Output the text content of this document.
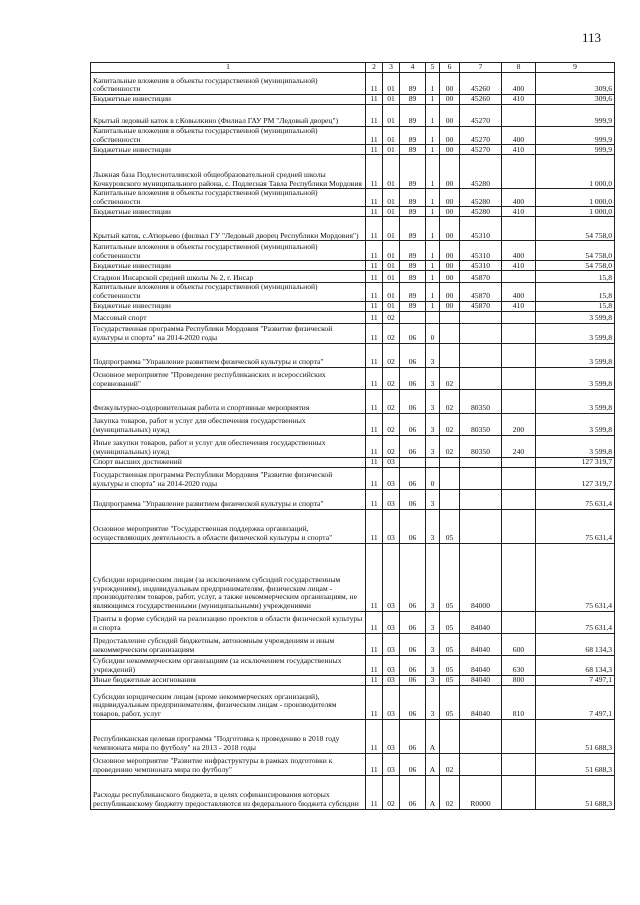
113
1	2	3	4	5	6	7	8	9
Капитальные вложения в объекты государственной (муниципальной) собственности	11	01	89	1	00	45260	400	309,6
Бюджетные инвестиции	11	01	89	1	00	45260	410	309,6
Крытый ледовый каток в г.Ковылкино (Филиал ГАУ РМ "Ледовый дворец")	11	01	89	1	00	45270		999,9
Капитальные вложения в объекты государственной (муниципальной) собственности	11	01	89	1	00	45270	400	999,9
Бюджетные инвестиции	11	01	89	1	00	45270	410	999,9
Лыжная база Подлесноталинской общеобразовательной средней школы Кочкуровского муниципального района, с. Подлесная Тавла Республики Мордовия	11	01	89	1	00	45280		1 000,0
Капитальные вложения в объекты государственной (муниципальной) собственности	11	01	89	1	00	45280	400	1 000,0
Бюджетные инвестиции	11	01	89	1	00	45280	410	1 000,0
Крытый каток, с.Атюрьево (филиал ГУ "Ледовый дворец Республики Мордовия")	11	01	89	1	00	45310		54 758,0
Капитальные вложения в объекты государственной (муниципальной) собственности	11	01	89	1	00	45310	400	54 758,0
Бюджетные инвестиции	11	01	89	1	00	45310	410	54 758,0
Стадион Инсарской средней школы № 2, г. Инсар	11	01	89	1	00	45870		15,8
Капитальные вложения в объекты государственной (муниципальной) собственности	11	01	89	1	00	45870	400	15,8
Бюджетные инвестиции	11	01	89	1	00	45870	410	15,8
Массовый спорт	11	02						3 599,8
Государственная программа Республики Мордовия "Развитие физической культуры и спорта" на 2014-2020 годы	11	02	06	0				3 599,8
Подпрограмма "Управление развитием физической культуры и спорта"	11	02	06	3				3 599,8
Основное мероприятие "Проведение республиканских и всероссийских соревнований"	11	02	06	3	02			3 599,8
Физкультурно-оздоровительная работа и спортивные мероприятия	11	02	06	3	02	80350		3 599,8
Закупка товаров, работ и услуг для обеспечения государственных (муниципальных) нужд	11	02	06	3	02	80350	200	3 599,8
Иные закупки товаров, работ и услуг для обеспечения государственных (муниципальных) нужд	11	02	06	3	02	80350	240	3 599,8
Спорт высших достижений	11	03						127 319,7
Государственная программа Республики Мордовия "Развитие физической культуры и спорта" на 2014-2020 годы	11	03	06	0				127 319,7
Подпрограмма "Управление развитием физической культуры и спорта"	11	03	06	3				75 631,4
Основное мероприятие "Государственная поддержка организаций, осуществляющих деятельность в области физической культуры и спорта"	11	03	06	3	05			75 631,4
Субсидии юридическим лицам (за исключением субсидий государственным учреждениям), индивидуальным предпринимателям, физическим лицам - производителям товаров, работ, услуг, а также некоммерческим организациям, не являющимся государственными (муниципальными) учреждениями	11	03	06	3	05	84000		75 631,4
Гранты в форме субсидий на реализацию проектов в области физической культуры и спорта	11	03	06	3	05	84040		75 631,4
Предоставление субсидий бюджетным, автономным учреждениям и иным некоммерческим организациям	11	03	06	3	05	84040	600	68 134,3
Субсидии некоммерческим организациям (за исключением государственных учреждений)	11	03	06	3	05	84040	630	68 134,3
Иные бюджетные ассигнования	11	03	06	3	05	84040	800	7 497,1
Субсидии юридическим лицам (кроме некоммерческих организаций), индивидуальным предпринимателям, физическим лицам - производителям товаров, работ, услуг	11	03	06	3	05	84040	810	7 497,1
Республиканская целевая программа "Подготовка к проведению в 2018 году чемпионата мира по футболу" на 2013 - 2018 годы	11	03	06	А				51 688,3
Основное мероприятие "Развитие инфраструктуры в рамках подготовки к проведению чемпионата мира по футболу"	11	03	06	А	02			51 688,3
Расходы республиканского бюджета, в целях софинансирования которых республиканскому бюджету предоставляются из федерального бюджета субсидии	11	02	06	А	02	R0000		51 688,3
